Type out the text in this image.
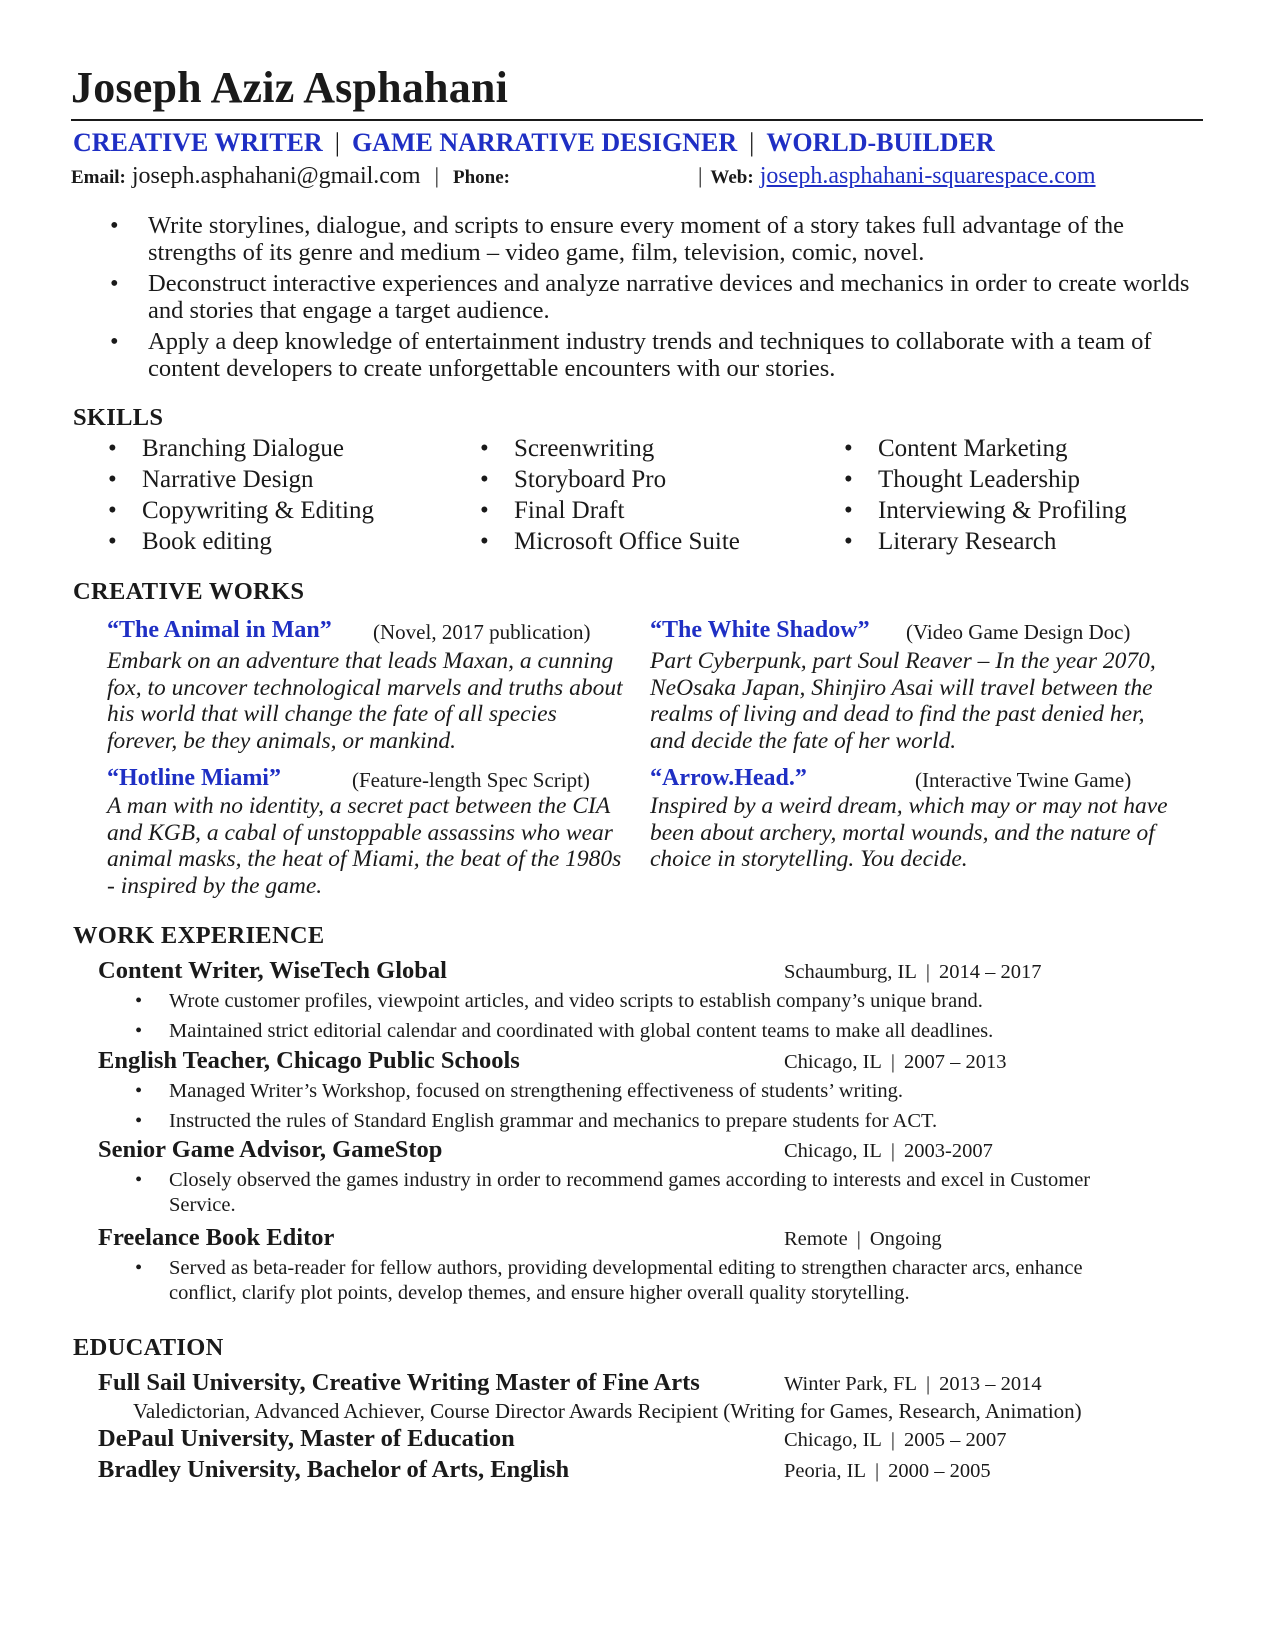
Joseph Aziz Asphahani
CREATIVE WRITER | GAME NARRATIVE DESIGNER | WORLD-BUILDER
Email: joseph.asphahani@gmail.com | Phone:	| Web: joseph.asphahani-squarespace.com
• Write storylines, dialogue, and scripts to ensure every moment of a story takes full advantage of the strengths of its genre and medium – video game, film, television, comic, novel.
• Deconstruct interactive experiences and analyze narrative devices and mechanics in order to create worlds and stories that engage a target audience.
• Apply a deep knowledge of entertainment industry trends and techniques to collaborate with a team of content developers to create unforgettable encounters with our stories.
SKILLS
• Branching Dialogue
• Narrative Design
• Copywriting & Editing
• Book editing
• Screenwriting
• Storyboard Pro
• Final Draft
• Microsoft Office Suite
• Content Marketing
• Thought Leadership
• Interviewing & Profiling
• Literary Research
CREATIVE WORKS
“The Animal in Man” (Novel, 2017 publication)
Embark on an adventure that leads Maxan, a cunning fox, to uncover technological marvels and truths about his world that will change the fate of all species forever, be they animals, or mankind.
“The White Shadow” (Video Game Design Doc)
Part Cyberpunk, part Soul Reaver – In the year 2070, NeOsaka Japan, Shinjiro Asai will travel between the realms of living and dead to find the past denied her, and decide the fate of her world.
“Hotline Miami”	(Feature-length Spec Script)
A man with no identity, a secret pact between the CIA and KGB, a cabal of unstoppable assassins who wear animal masks, the heat of Miami, the beat of the 1980s - inspired by the game.
“Arrow.Head.”	(Interactive Twine Game)
Inspired by a weird dream, which may or may not have been about archery, mortal wounds, and the nature of choice in storytelling. You decide.
WORK EXPERIENCE
Content Writer, WiseTech Global	Schaumburg, IL | 2014 – 2017
• Wrote customer profiles, viewpoint articles, and video scripts to establish company’s unique brand.
• Maintained strict editorial calendar and coordinated with global content teams to make all deadlines.
English Teacher, Chicago Public Schools	Chicago, IL | 2007 – 2013
• Managed Writer’s Workshop, focused on strengthening effectiveness of students’ writing.
• Instructed the rules of Standard English grammar and mechanics to prepare students for ACT.
Senior Game Advisor, GameStop	Chicago, IL | 2003-2007
• Closely observed the games industry in order to recommend games according to interests and excel in Customer Service.
Freelance Book Editor	Remote | Ongoing
• Served as beta-reader for fellow authors, providing developmental editing to strengthen character arcs, enhance conflict, clarify plot points, develop themes, and ensure higher overall quality storytelling.
EDUCATION
Full Sail University, Creative Writing Master of Fine Arts	Winter Park, FL | 2013 – 2014
Valedictorian, Advanced Achiever, Course Director Awards Recipient (Writing for Games, Research, Animation)
DePaul University, Master of Education	Chicago, IL | 2005 – 2007
Bradley University, Bachelor of Arts, English	Peoria, IL | 2000 – 2005
